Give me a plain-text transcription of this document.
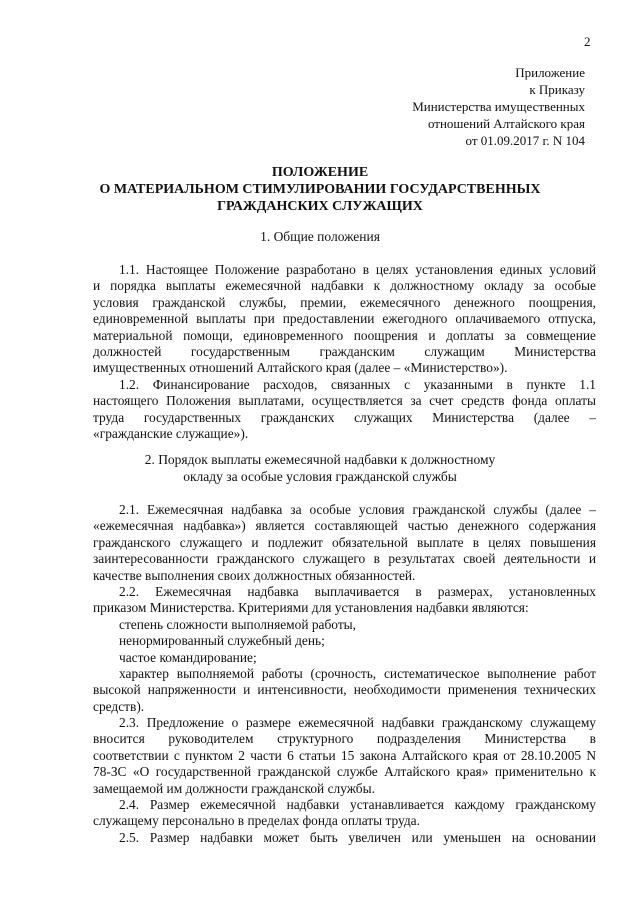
2
Приложение
к Приказу
Министерства имущественных
отношений Алтайского края
от 01.09.2017 г. N 104
ПОЛОЖЕНИЕ
О МАТЕРИАЛЬНОМ СТИМУЛИРОВАНИИ ГОСУДАРСТВЕННЫХ
ГРАЖДАНСКИХ СЛУЖАЩИХ
1. Общие положения
1.1. Настоящее Положение разработано в целях установления единых условий
и порядка выплаты ежемесячной надбавки к должностному окладу за особые
условия гражданской службы, премии, ежемесячного денежного поощрения,
единовременной выплаты при предоставлении ежегодного оплачиваемого отпуска,
материальной помощи, единовременного поощрения и доплаты за совмещение
должностей государственным гражданским служащим Министерства
имущественных отношений Алтайского края (далее – «Министерство»).
1.2. Финансирование расходов, связанных с указанными в пункте 1.1
настоящего Положения выплатами, осуществляется за счет средств фонда оплаты
труда государственных гражданских служащих Министерства (далее –
«гражданские служащие»).
2. Порядок выплаты ежемесячной надбавки к должностному
окладу за особые условия гражданской службы
2.1. Ежемесячная надбавка за особые условия гражданской службы (далее –
«ежемесячная надбавка») является составляющей частью денежного содержания
гражданского служащего и подлежит обязательной выплате в целях повышения
заинтересованности гражданского служащего в результатах своей деятельности и
качестве выполнения своих должностных обязанностей.
2.2. Ежемесячная надбавка выплачивается в размерах, установленных
приказом Министерства. Критериями для установления надбавки являются:
степень сложности выполняемой работы,
ненормированный служебный день;
частое командирование;
характер выполняемой работы (срочность, систематическое выполнение работ
высокой напряженности и интенсивности, необходимости применения технических
средств).
2.3. Предложение о размере ежемесячной надбавки гражданскому служащему
вносится руководителем структурного подразделения Министерства в
соответствии с пунктом 2 части 6 статьи 15 закона Алтайского края от 28.10.2005 N
78-ЗС «О государственной гражданской службе Алтайского края» применительно к
замещаемой им должности гражданской службы.
2.4. Размер ежемесячной надбавки устанавливается каждому гражданскому
служащему персонально в пределах фонда оплаты труда.
2.5. Размер надбавки может быть увеличен или уменьшен на основании
